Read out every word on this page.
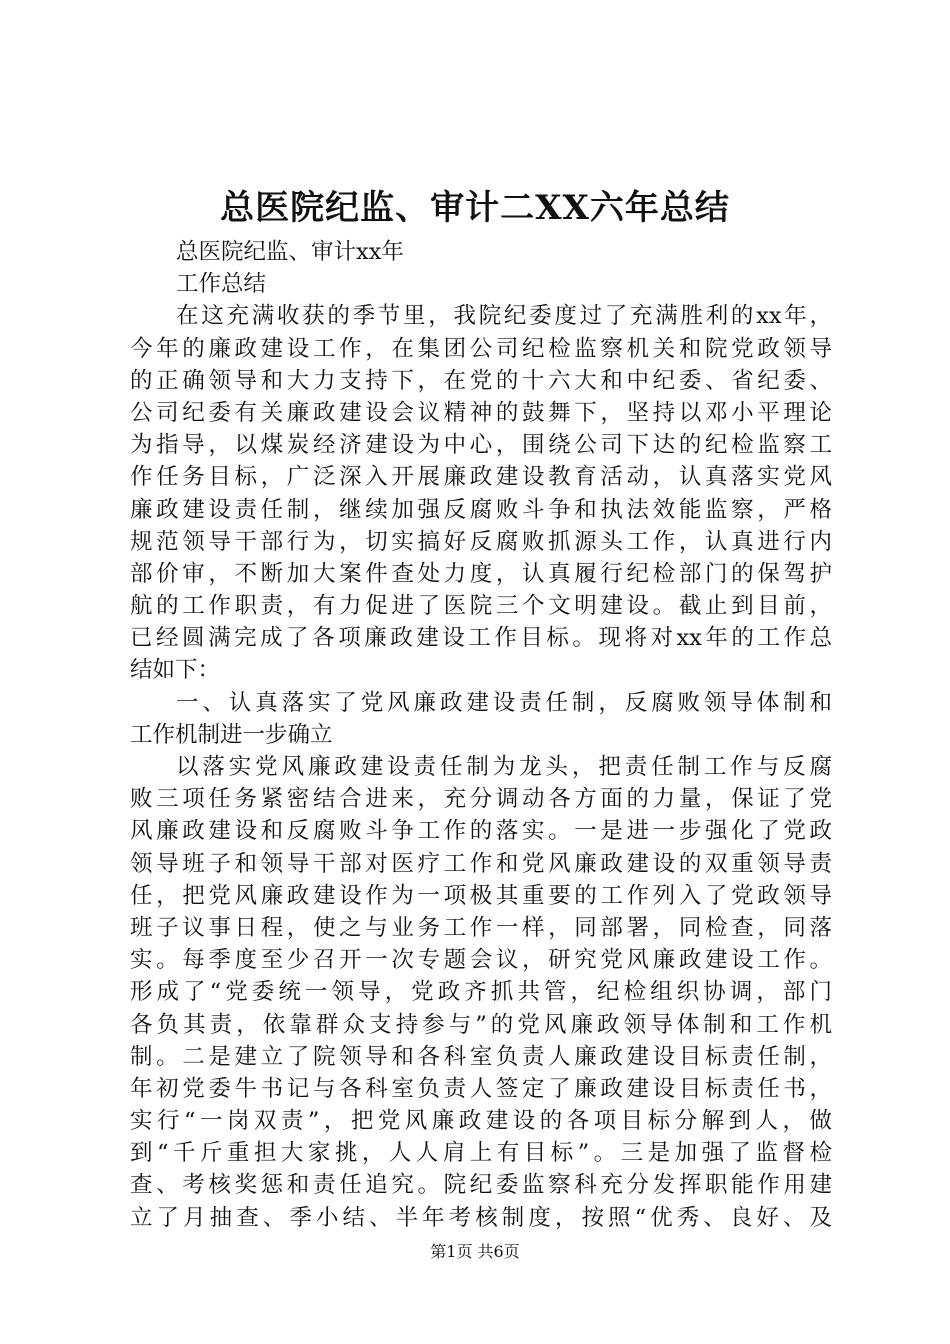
总医院纪监、审计二XX六年总结
总医院纪监、审计xx年
工作总结
在这充满收获的季节里，我院纪委度过了充满胜利的xx年，
今年的廉政建设工作，在集团公司纪检监察机关和院党政领导
的正确领导和大力支持下，在党的十六大和中纪委、省纪委、
公司纪委有关廉政建设会议精神的鼓舞下，坚持以邓小平理论
为指导，以煤炭经济建设为中心，围绕公司下达的纪检监察工
作任务目标，广泛深入开展廉政建设教育活动，认真落实党风
廉政建设责任制，继续加强反腐败斗争和执法效能监察，严格
规范领导干部行为，切实搞好反腐败抓源头工作，认真进行内
部价审，不断加大案件查处力度，认真履行纪检部门的保驾护
航的工作职责，有力促进了医院三个文明建设。截止到目前，
已经圆满完成了各项廉政建设工作目标。现将对xx年的工作总
结如下：
一、认真落实了党风廉政建设责任制，反腐败领导体制和
工作机制进一步确立
以落实党风廉政建设责任制为龙头，把责任制工作与反腐
败三项任务紧密结合进来，充分调动各方面的力量，保证了党
风廉政建设和反腐败斗争工作的落实。一是进一步强化了党政
领导班子和领导干部对医疗工作和党风廉政建设的双重领导责
任，把党风廉政建设作为一项极其重要的工作列入了党政领导
班子议事日程，使之与业务工作一样，同部署，同检查，同落
实。每季度至少召开一次专题会议，研究党风廉政建设工作。
形成了“党委统一领导，党政齐抓共管，纪检组织协调，部门
各负其责，依靠群众支持参与”的党风廉政领导体制和工作机
制。二是建立了院领导和各科室负责人廉政建设目标责任制，
年初党委牛书记与各科室负责人签定了廉政建设目标责任书，
实行“一岗双责”，把党风廉政建设的各项目标分解到人，做
到“千斤重担大家挑，人人肩上有目标”。三是加强了监督检
查、考核奖惩和责任追究。院纪委监察科充分发挥职能作用建
立了月抽查、季小结、半年考核制度，按照“优秀、良好、及
第1页 共6页
